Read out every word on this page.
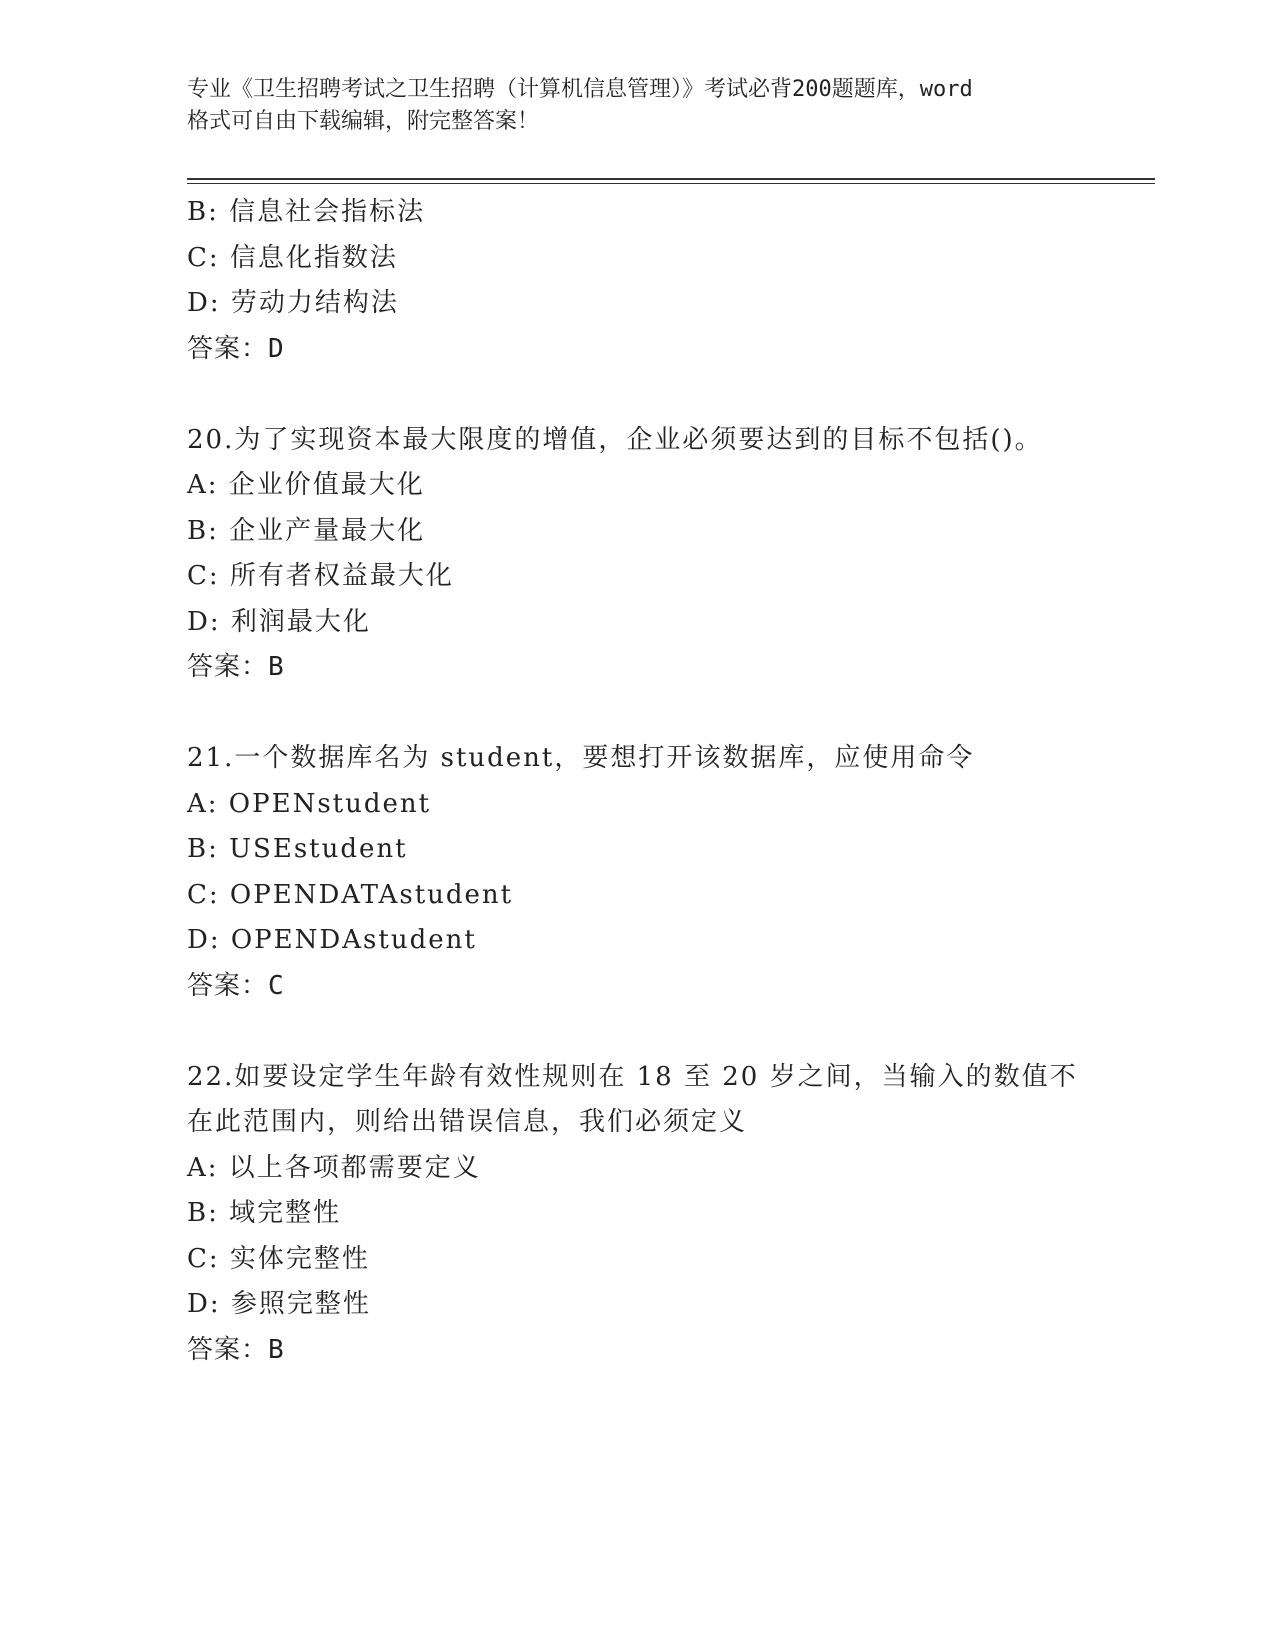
专业《卫生招聘考试之卫生招聘（计算机信息管理）》考试必背200题题库，word
格式可自由下载编辑，附完整答案！
B: 信息社会指标法
C: 信息化指数法
D: 劳动力结构法
答案：D
20.为了实现资本最大限度的增值，企业必须要达到的目标不包括()。
A: 企业价值最大化
B: 企业产量最大化
C: 所有者权益最大化
D: 利润最大化
答案：B
21.一个数据库名为 student，要想打开该数据库，应使用命令
A: OPENstudent
B: USEstudent
C: OPENDATAstudent
D: OPENDAstudent
答案：C
22.如要设定学生年龄有效性规则在 18 至 20 岁之间，当输入的数值不
在此范围内，则给出错误信息，我们必须定义
A: 以上各项都需要定义
B: 域完整性
C: 实体完整性
D: 参照完整性
答案：B
